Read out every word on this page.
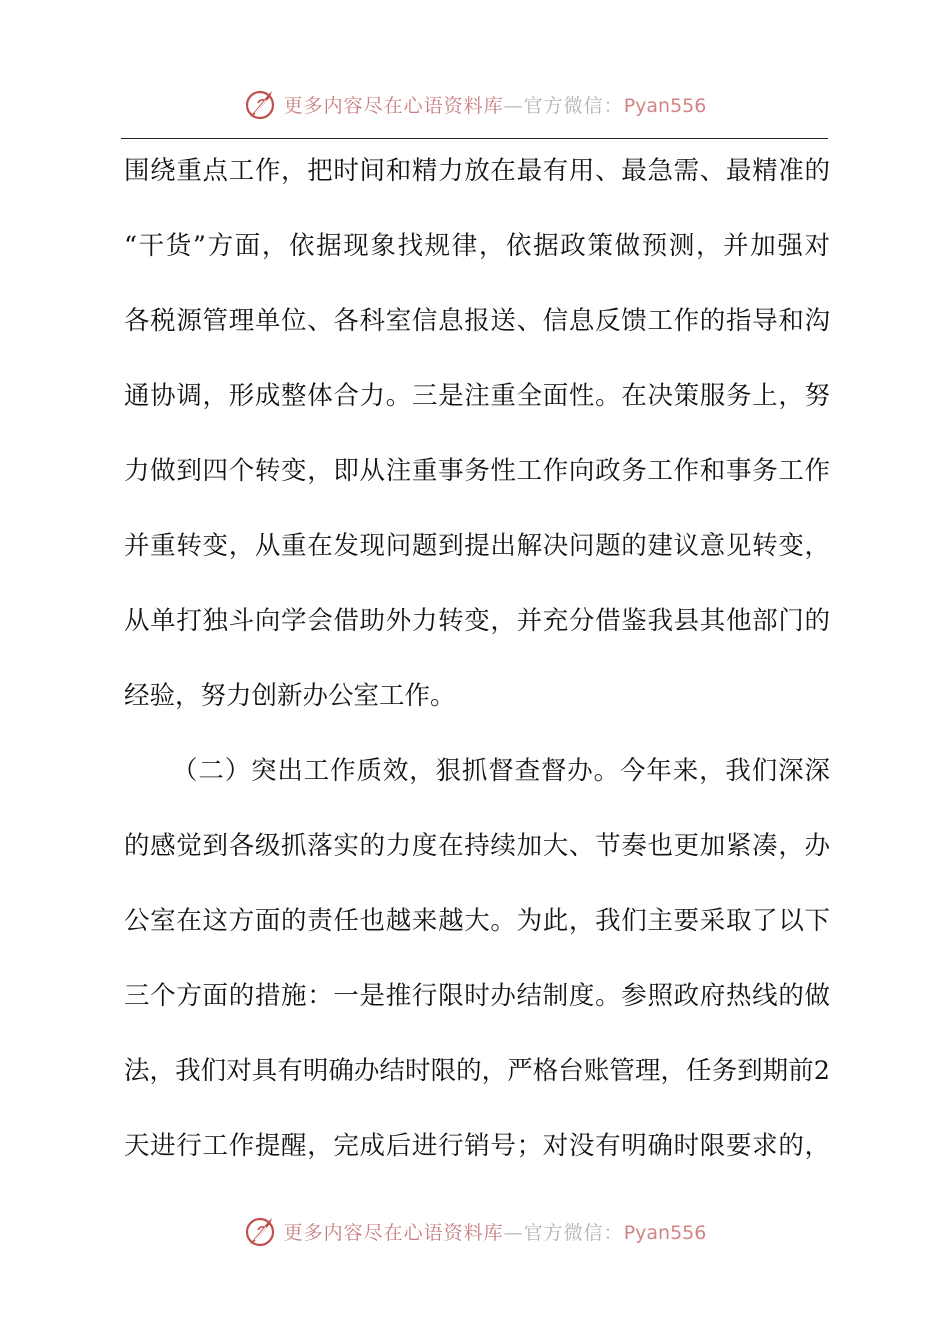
更多内容尽在心语资料库—官方微信：Pyan556
围绕重点工作，把时间和精力放在最有用、最急需、最精准的
“干货”方面，依据现象找规律，依据政策做预测，并加强对
各税源管理单位、各科室信息报送、信息反馈工作的指导和沟
通协调，形成整体合力。三是注重全面性。在决策服务上，努
力做到四个转变，即从注重事务性工作向政务工作和事务工作
并重转变，从重在发现问题到提出解决问题的建议意见转变，
从单打独斗向学会借助外力转变，并充分借鉴我县其他部门的
经验，努力创新办公室工作。
（二）突出工作质效，狠抓督查督办。今年来，我们深深
的感觉到各级抓落实的力度在持续加大、节奏也更加紧凑，办
公室在这方面的责任也越来越大。为此，我们主要采取了以下
三个方面的措施：一是推行限时办结制度。参照政府热线的做
法，我们对具有明确办结时限的，严格台账管理，任务到期前2
天进行工作提醒，完成后进行销号；对没有明确时限要求的，
更多内容尽在心语资料库—官方微信：Pyan556
